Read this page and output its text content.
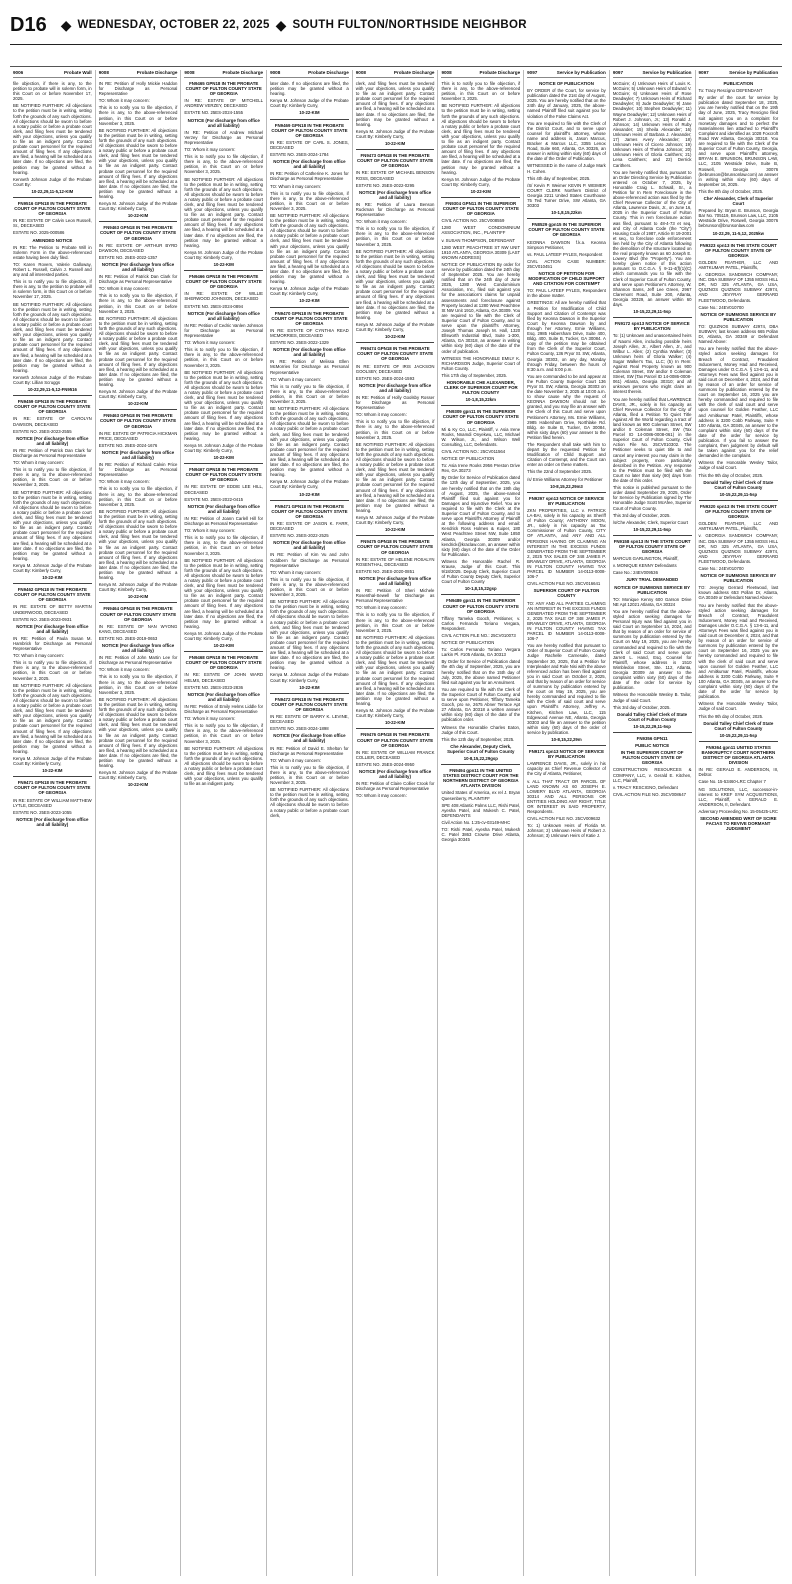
D16 ◆ WEDNESDAY, OCTOBER 22, 2025 ◆ SOUTH FULTON/NORTHSIDE NEIGHBOR
9006	Probate Wall

file objection, if there is any, to the petition to probate will in solemn form, in this Court on or before November 17, 2025.

BE NOTIFIED FURTHER: All objections to the petition must be in writing, setting forth the grounds of any such objections. All objections should be sworn to before a notary public or before a probate court clerk, and filing fees must be tendered with your objections, unless you qualify to file as an indigent party. Contact probate court personnel for the required amount of filing fees. If any objections are filed, a hearing will be scheduled at a later date. If no objections are filed, the petition may be granted without a hearing.

Kenneth Johnson Judge of the Probate Court By:

10-22,29,11-5,12-KIM

FN9516 GPN18 IN THE PROBATE COURT OF FULTON COUNTY STATE OF GEORGIA

IN RE: ESTATE OF Calvin Leon Russell, Sr., DECEASED

ESTATE NO. 2025-000586

AMENDED NOTICE

IN RE: The Petition to Probate Will in Solemn Form in the above-referenced estate having been duly filed.

TO: Karen Rovers, Valerie Galloway, Robert L. Russell, Calvin J. Russell and any and all interested parties.

This is to notify you to file objection, if there is any, to the petition to probate will in solemn form, in this Court on or before November 17, 2025.

BE NOTIFIED FURTHER: All objections to the petition must be in writing, setting forth the grounds of any such objections. All objections should be sworn to before a notary public or before a probate court clerk, and filing fees must be tendered with your objections, unless you qualify to file as an indigent party. Contact probate court personnel for the required amount of filing fees. If any objections are filed, a hearing will be scheduled at a later date. If no objections are filed, the petition may be granted without a hearing.

Kenneth Johnson Judge of the Probate Court By: Lillian Scruggs

10-22,29,11-5,12-FN9516

FN9459 GPN18 IN THE PROBATE COURT OF FULTON COUNTY STATE OF GEORGIA

IN RE: ESTATE OF CAROLYN DAWSON, DECEASED

ESTATE NO. 25ES-2023-2555

NOTICE (For discharge from office and all liability)

IN RE: Petition of Patrick Dan Clark for Discharge as Personal Representative

TO: Whom it may concern:

This is to notify you to file objection, if there is any, to the above-referenced petition, in this Court on or before November 3, 2025.

BE NOTIFIED FURTHER: All objections to the petition must be in writing, setting forth the grounds of any such objections. All objections should be sworn to before a notary public or before a probate court clerk, and filing fees must be tendered with your objections, unless you qualify to file as an indigent party. Contact probate court personnel for the required amount of filing fees. If any objections are filed, a hearing will be scheduled at a later date. If no objections are filed, the petition may be granted without a hearing.

Kenya M. Johnson Judge of the Probate Court By: Kimberly Curry,

10-22-KIM

FN9462 GPN18 IN THE PROBATE COURT OF FULTON COUNTY STATE OF GEORGIA

IN RE: ESTATE OF BETTY MARTIN UNDERWOOD, DECEASED

ESTATE NO. 25ES-2023-0931

NOTICE (For discharge from office and all liability)

IN RE: Petition of Paula Susan M. Hambrick for Discharge as Personal Representative

TO: Whom it may concern:

This is to notify you to file objection, if there is any, to the above-referenced petition, in this Court on or before November 3, 2025.

BE NOTIFIED FURTHER: All objections to the petition must be in writing, setting forth the grounds of any such objections. All objections should be sworn to before a notary public or before a probate court clerk, and filing fees must be tendered with your objections, unless you qualify to file as an indigent party. Contact probate court personnel for the required amount of filing fees. If any objections are filed, a hearing will be scheduled at a later date. If no objections are filed, the petition may be granted without a hearing.

Kenya M. Johnson Judge of the Probate Court By: Kimberly Curry,

10-22-KIM

FN9471 GPN18 IN THE PROBATE COURT OF FULTON COUNTY STATE OF GEORGIA

IN RE: ESTATE OF WILLIAM MATTHEW LYTLE, DECEASED

ESTATE NO. 25ES-2023-1055

NOTICE (For discharge from office and all liability)

9008	Probate Discharge

IN RE: Petition of Holly Mickie Haddon for Discharge as Personal Representative

TO: Whom it may concern:

This is to notify you to file objection, if there is any, to the above-referenced petition, in this Court on or before November 3, 2025.

BE NOTIFIED FURTHER: All objections to the petition must be in writing, setting forth the grounds of any such objections. All objections should be sworn to before a notary public or before a probate court clerk, and filing fees must be tendered with your objections, unless you qualify to file as an indigent party. Contact probate court personnel for the required amount of filing fees. If any objections are filed, a hearing will be scheduled at a later date. If no objections are filed, the petition may be granted without a hearing.

Kenya M. Johnson Judge of the Probate Court By: Kimberly Curry,

10-22-KIM

FN9463 GPN18 IN THE PROBATE COURT OF FULTON COUNTY STATE OF GEORGIA

IN RE: ESTATE OF ARTHUR BYRD DAWSON, DECEASED

ESTATE NO. 25ES-2022-1357

NOTICE (For discharge from office and all liability)

IN RE: Petition of Patrick Dan Clark for Discharge as Personal Representative

TO: Whom it may concern:

This is to notify you to file objection, if there is any, to the above-referenced petition, in this Court on or before November 3, 2025.

BE NOTIFIED FURTHER: All objections to the petition must be in writing, setting forth the grounds of any such objections. All objections should be sworn to before a notary public or before a probate court clerk, and filing fees must be tendered with your objections, unless you qualify to file as an indigent party. Contact probate court personnel for the required amount of filing fees. If any objections are filed, a hearing will be scheduled at a later date. If no objections are filed, the petition may be granted without a hearing.

Kenya M. Johnson Judge of the Probate Court By: Kimberly Curry,

10-22-KIM

FN9463 GPN18 IN THE PROBATE COURT OF FULTON COUNTY STATE OF GEORGIA

IN RE: ESTATE OF PATRICIA HICKMAN PRICE, DECEASED

ESTATE NO. 25ES-2024-1676

NOTICE (For discharge from office and all liability)

IN RE: Petition of Richard Calvin Price for Discharge as Personal Representative

TO: Whom it may concern:

This is to notify you to file objection, if there is any, to the above-referenced petition, in this Court on or before November 3, 2025.

BE NOTIFIED FURTHER: All objections to the petition must be in writing, setting forth the grounds of any such objections. All objections should be sworn to before a notary public or before a probate court clerk, and filing fees must be tendered with your objections, unless you qualify to file as an indigent party. Contact probate court personnel for the required amount of filing fees. If any objections are filed, a hearing will be scheduled at a later date. If no objections are filed, the petition may be granted without a hearing.

Kenya M. Johnson Judge of the Probate Court By: Kimberly Curry,

10-22-KIM

FN9464 GPN18 IN THE PROBATE COURT OF FULTON COUNTY STATE OF GEORGIA

IN RE: ESTATE OF NAN WYONG KANG, DECEASED

ESTATE NO. 25ES-2019-0653

NOTICE (For discharge from office and all liability)

IN RE: Petition of John Martin Lee for Discharge as Personal Representative

TO: Whom it may concern:

This is to notify you to file objection, if there is any, to the above-referenced petition, in this Court on or before November 3, 2025.

BE NOTIFIED FURTHER: All objections to the petition must be in writing, setting forth the grounds of any such objections. All objections should be sworn to before a notary public or before a probate court clerk, and filing fees must be tendered with your objections, unless you qualify to file as an indigent party. Contact probate court personnel for the required amount of filing fees. If any objections are filed, a hearing will be scheduled at a later date. If no objections are filed, the petition may be granted without a hearing.

Kenya M. Johnson Judge of the Probate Court By: Kimberly Curry,

10-22-KIM

9008	Probate Discharge

FN9465 GPN18 IN THE PROBATE COURT OF FULTON COUNTY STATE OF GEORGIA

IN RE: ESTATE OF MITCHELL ANDREW VERZEY, DECEASED

ESTATE NO. 25ES-2024-1555

NOTICE (For discharge from office and all liability)

IN RE: Petition of Andrew Michael Verzey for Discharge as Personal Representative

TO: Whom it may concern:

This is to notify you to file objection, if there is any, to the above-referenced petition, in this Court on or before November 3, 2025.

BE NOTIFIED FURTHER: All objections to the petition must be in writing, setting forth the grounds of any such objections. All objections should be sworn to before a notary public or before a probate court clerk, and filing fees must be tendered with your objections, unless you qualify to file as an indigent party. Contact probate court personnel for the required amount of filing fees. If any objections are filed, a hearing will be scheduled at a later date. If no objections are filed, the petition may be granted without a hearing.

Kenya M. Johnson Judge of the Probate Court By: Kimberly Curry,

10-22-KIM

FN9466 GPN18 IN THE PROBATE COURT OF FULTON COUNTY STATE OF GEORGIA

IN RE: ESTATE OF WILLIE SHERWOOD JOHNSON, DECEASED

ESTATE NO. 25ES-2024-0894

NOTICE (For discharge from office and all liability)

IN RE: Petition of Cedric Vanlen Johnson for Discharge as Personal Representative

TO: Whom it may concern:

This is to notify you to file objection, if there is any, to the above-referenced petition, in this Court on or before November 3, 2025.

BE NOTIFIED FURTHER: All objections to the petition must be in writing, setting forth the grounds of any such objections. All objections should be sworn to before a notary public or before a probate court clerk, and filing fees must be tendered with your objections, unless you qualify to file as an indigent party. Contact probate court personnel for the required amount of filing fees. If any objections are filed, a hearing will be scheduled at a later date. If no objections are filed, the petition may be granted without a hearing.

Kenya M. Johnson Judge of the Probate Court By: Kimberly Curry,

10-22-KIM

FN9467 GPN18 IN THE PROBATE COURT OF FULTON COUNTY STATE OF GEORGIA

IN RE: ESTATE OF EDDIE LEE HILL, DECEASED

ESTATE NO. 25ES-2022-0415

NOTICE (For discharge from office and all liability)

IN RE: Petition of Joann Carlell Hill for Discharge as Personal Representative

TO: Whom it may concern:

This is to notify you to file objection, if there is any, to the above-referenced petition, in this Court on or before November 3, 2025.

BE NOTIFIED FURTHER: All objections to the petition must be in writing, setting forth the grounds of any such objections. All objections should be sworn to before a notary public or before a probate court clerk, and filing fees must be tendered with your objections, unless you qualify to file as an indigent party. Contact probate court personnel for the required amount of filing fees. If any objections are filed, a hearing will be scheduled at a later date. If no objections are filed, the petition may be granted without a hearing.

Kenya M. Johnson Judge of the Probate Court By: Kimberly Curry,

10-22-KIM

FN9468 GPN18 IN THE PROBATE COURT OF FULTON COUNTY STATE OF GEORGIA

IN RE: ESTATE OF JOHN WARD HELMS, DECEASED

ESTATE NO. 25ES-2023-2836

NOTICE (For discharge from office and all liability)

IN RE: Petition of Emily Helms Liddle for Discharge as Personal Representative

TO: Whom it may concern:

This is to notify you to file objection, if there is any, to the above-referenced petition, in this Court on or before November 3, 2025.

BE NOTIFIED FURTHER: All objections to the petition must be in writing, setting forth the grounds of any such objections. All objections should be sworn to before a notary public or before a probate court clerk, and filing fees must be tendered with your objections, unless you qualify to file as an indigent party.

9008	Probate Discharge

later date. If no objections are filed, the petition may be granted without a hearing.

Kenya M. Johnson Judge of the Probate Court By: Kimberly Curry,

10-22-KIM

FN9469 GPN18 IN THE PROBATE COURT OF FULTON COUNTY STATE OF GEORGIA

IN RE: ESTATE OF CARL S. JONES, DECEASED

ESTATE NO. 25ES-2024-1784

NOTICE (For discharge from office and all liability)

IN RE: Petition of Catherine K. Jones for Discharge as Personal Representative

TO: Whom it may concern:

This is to notify you to file objection, if there is any, to the above-referenced petition, in this Court on or before November 3, 2025.

BE NOTIFIED FURTHER: All objections to the petition must be in writing, setting forth the grounds of any such objections. All objections should be sworn to before a notary public or before a probate court clerk, and filing fees must be tendered with your objections, unless you qualify to file as an indigent party. Contact probate court personnel for the required amount of filing fees. If any objections are filed, a hearing will be scheduled at a later date. If no objections are filed, the petition may be granted without a hearing.

Kenya M. Johnson Judge of the Probate Court By: Kimberly Curry,

10-22-KIM

FN9470 GPN18 IN THE PROBATE COURT OF FULTON COUNTY STATE OF GEORGIA

IN RE: ESTATE OF CYNTHIA READ MCMORRIES, DECEASED

ESTATE NO. 25ES-2022-1329

NOTICE (For discharge from office and all liability)

IN RE: Petition of Melissa Ellen McMorries for Discharge as Personal Representative

TO: Whom it may concern:

This is to notify you to file objection, if there is any, to the above-referenced petition, in this Court on or before November 3, 2025.

BE NOTIFIED FURTHER: All objections to the petition must be in writing, setting forth the grounds of any such objections. All objections should be sworn to before a notary public or before a probate court clerk, and filing fees must be tendered with your objections, unless you qualify to file as an indigent party. Contact probate court personnel for the required amount of filing fees. If any objections are filed, a hearing will be scheduled at a later date. If no objections are filed, the petition may be granted without a hearing.

Kenya M. Johnson Judge of the Probate Court By: Kimberly Curry,

10-22-KIM

FN9471 GPN18 IN THE PROBATE COURT OF FULTON COUNTY STATE OF GEORGIA

IN RE: ESTATE OF JASON K. FARR, DECEASED

ESTATE NO. 25ES-2022-2525

NOTICE (For discharge from office and all liability)

IN RE: Petition of Kim Vu and John Goldbern for Discharge as Personal Representative

TO: Whom it may concern:

This is to notify you to file objection, if there is any, to the above-referenced petition, in this Court on or before November 3, 2025.

BE NOTIFIED FURTHER: All objections to the petition must be in writing, setting forth the grounds of any such objections. All objections should be sworn to before a notary public or before a probate court clerk, and filing fees must be tendered with your objections, unless you qualify to file as an indigent party. Contact probate court personnel for the required amount of filing fees. If any objections are filed, a hearing will be scheduled at a later date. If no objections are filed, the petition may be granted without a hearing.

Kenya M. Johnson Judge of the Probate Court By: Kimberly Curry,

10-22-KIM

FN9472 GPN18 IN THE PROBATE COURT OF FULTON COUNTY STATE OF GEORGIA

IN RE: ESTATE OF BARRY K. LEVINE, DECEASED

ESTATE NO. 25ES-2024-1898

NOTICE (For discharge from office and all liability)

IN RE: Petition of David E. Shelton for Discharge as Personal Representative

TO: Whom it may concern:

This is to notify you to file objection, if there is any, to the above-referenced petition, in this Court on or before November 3, 2025.

BE NOTIFIED FURTHER: All objections to the petition must be in writing, setting forth the grounds of any such objections. All objections should be sworn to before a notary public or before a probate court clerk,

9008	Probate Discharge

clerk, and filing fees must be tendered with your objections, unless you qualify to file as an indigent party. Contact probate court personnel for the required amount of filing fees. If any objections are filed, a hearing will be scheduled at a later date. If no objections are filed, the petition may be granted without a hearing.

Kenya M. Johnson Judge of the Probate Court By: Kimberly Curry,

10-22-KIM

FN9473 GPN18 IN THE PROBATE COURT OF FULTON COUNTY STATE OF GEORGIA

IN RE: ESTATE OF MICHAEL BENSON ROSS, DECEASED

ESTATE NO. 25ES-2022-0295

NOTICE (For discharge from office and all liability)

IN RE: Petition of Laura Benson Ruckman for Discharge as Personal Representative

TO: Whom it may concern:

This is to notify you to file objection, if there is any, to the above-referenced petition, in this Court on or before November 3, 2025.

BE NOTIFIED FURTHER: All objections to the petition must be in writing, setting forth the grounds of any such objections. All objections should be sworn to before a notary public or before a probate court clerk, and filing fees must be tendered with your objections, unless you qualify to file as an indigent party. Contact probate court personnel for the required amount of filing fees. If any objections are filed, a hearing will be scheduled at a later date. If no objections are filed, the petition may be granted without a hearing.

Kenya M. Johnson Judge of the Probate Court By: Kimberly Curry,

10-22-KIM

FN9474 GPN18 IN THE PROBATE COURT OF FULTON COUNTY STATE OF GEORGIA

IN RE: ESTATE OF IRIS JACKSON GOOLSBY, DECEASED

ESTATE NO. 25ES-2024-1593

NOTICE (For discharge from office and all liability)

IN RE: Petition of Holly Goolsby Rosser for Discharge as Personal Representative

TO: Whom it may concern:

This is to notify you to file objection, if there is any, to the above-referenced petition, in this Court on or before November 3, 2025.

BE NOTIFIED FURTHER: All objections to the petition must be in writing, setting forth the grounds of any such objections. All objections should be sworn to before a notary public or before a probate court clerk, and filing fees must be tendered with your objections, unless you qualify to file as an indigent party. Contact probate court personnel for the required amount of filing fees. If any objections are filed, a hearing will be scheduled at a later date. If no objections are filed, the petition may be granted without a hearing.

Kenya M. Johnson Judge of the Probate Court By: Kimberly Curry,

10-22-KIM

FN9475 GPN18 IN THE PROBATE COURT OF FULTON COUNTY STATE OF GEORGIA

IN RE: ESTATE OF HELENE ROSALYN ROSENTHAL, DECEASED

ESTATE NO. 25ES-2020-0851

NOTICE (For discharge from office and all liability)

IN RE: Petition of Sheri Michele Rosenthal-Sewell for Discharge as Personal Representative

TO: Whom it may concern:

This is to notify you to file objection, if there is any, to the above-referenced petition, in this Court on or before November 3, 2025.

BE NOTIFIED FURTHER: All objections to the petition must be in writing, setting forth the grounds of any such objections. All objections should be sworn to before a notary public or before a probate court clerk, and filing fees must be tendered with your objections, unless you qualify to file as an indigent party. Contact probate court personnel for the required amount of filing fees. If any objections are filed, a hearing will be scheduled at a later date. If no objections are filed, the petition may be granted without a hearing.

Kenya M. Johnson Judge of the Probate Court By: Kimberly Curry,

10-22-KIM

FN9476 GPN18 IN THE PROBATE COURT OF FULTON COUNTY STATE OF GEORGIA

IN RE: ESTATE OF WILLIAM FRANCK COLLIER, DECEASED

ESTATE NO. 25ES-2024-0950

NOTICE (For discharge from office and all liability)

IN RE: Petition of Claire Collier Crook for Discharge as Personal Representative

TO: Whom it may concern:

9008	Probate Discharge

This is to notify you to file objection, if there is any, to the above-referenced petition, in this Court on or before November 3, 2025.

BE NOTIFIED FURTHER: All objections to the petition must be in writing, setting forth the grounds of any such objections. All objections should be sworn to before a notary public or before a probate court clerk, and filing fees must be tendered with your objections, unless you qualify to file as an indigent party. Contact probate court personnel for the required amount of filing fees. If any objections are filed, a hearing will be scheduled at a later date. If no objections are filed, the petition may be granted without a hearing.

Kenya M. Johnson Judge of the Probate Court By: Kimberly Curry,

10-22-KIM

FN9304 GPN11 IN THE SUPERIOR COURT OF FULTON COUNTY STATE OF GEORGIA

CIVIL ACTION NO. 25CV008559

1280 WEST CONDOMINIUM ASSOCIATION, INC., PLAINTIFF

v. SUSAN THOMPSON, DEFENDANT

1280 WEST PEACHTREE ST NW UNIT 1910 ATLANTA, GEORGIA 30309 (LAST KNOWN ADDRESS)

NOTICE OF PUBLICATION By order for service by publication dated the 24th day of September 2025. You are hereby notified that on the 24th day of June 2025, 1280 West Condominium Association, Inc., filed suit against you for the association's claims for unpaid assessments and foreclosure against Property located at 1280 West Peachtree St NW Unit 1910, Atlanta, GA 30309. You are required to file with the Clerk of Superior Court of Fulton County, and to serve upon the plaintiff's Attorney, Joseph Thomas Joseph M. Hall, 1320 Ellsworth Industrial Blvd, Suite 1-300, Atlanta, GA 30318, an answer in writing within sixty (60) days of the date of the order of publication.

WITNESS THE HONORABLE EMILY K. RICHARDSON Judge, Superior Court of Fulton County.

This 17th day of September, 2025.

HONORABLE CHE ALEXANDER, CLERK OF SUPERIOR COURT FOR FULTON COUNTY

10-1,8,15,22km

FN9309 gpn11 IN THE SUPERIOR COURT OF FULTON COUNTY STATE OF GEORGIA

Mi & Ky Co, LLC, Plaintiff, v. Asia Irene Rooks, Nnamdi Onyekwu, LLC, Michael W. Wilson, Jr., and Wilson Well Consulting, LLC, Defendants.

CIVIL ACTION NO.: 25CV011564

NOTICE OF PUBLICATION

To: Asia Irene Rooks 2956 Preston Drive Rex, GA 30273

By Order for Service of Publication dated the 12th day of September, 2025, you are hereby notified that on the 19th day of August, 2025, the above-named Plaintiff filed suit against you for Damages and Injunctive Relief. You are required to file with the Clerk at the Superior Court of Fulton County, and to serve upon Plaintiff's Attorney of Plaintiff at the following address and email: Kendrick Ross Holmes & Kuiper, 180 West Peachtree Street NW, Suite 1850 Atlanta, Georgia 30309 and/or kendrick@kraclaw.com, an answer within sixty (60) days of the date of the Order for Publication.

Witness the Honorable Rachel R. Krause, Judge of this Court. This 9/18/2025. Deputy Clerk, Superior Court of Fulton County Deputy Clerk, Superior Court of Fulton County

10-1,8,15,22gsp

FN9489 gpn11 IN THE SUPERIOR COURT OF FULTON COUNTY STATE OF GEORGIA

Tiffany Tameka Gooch, Petitioner, v. Carlos Fernando Toriano Vergara, Respondent.

CIVIL ACTION FILE NO.: 25CV010073

NOTICE OF PUBLICATION

To: Carlos Fernando Toriano Vergara Larkin Pl. #105 Atlanta, GA 30313

By Order for Service of Publication dated the 4th day of September, 2025, you are hereby notified that on the 15th day of July, 2025, the above named Petitioner filed suit against you for an Annulment.

You are required to file with the Clerk of the Superior Court of Fulton County, and to serve upon Petitioner, Tiffany Tameka Gooch, pro se, 2675 Abner Terrace Apt 27 Atlanta, GA 30318 a written answer within sixty (60) days of the date of the publication order.

Witness the Honorable Charles Eaton, Judge of this Court.

This the 12th day of September, 2025.

Che Alexander, Deputy Clerk, Superior Court of Fulton County

10-8,15,22,29gsp

FN9494 gpn11 IN THE UNITED STATES DISTRICT COURT FOR THE NORTHERN DISTRICT OF GEORGIA ATLANTA DIVISION

United States of America, ex rel J. Bryan Quesenberry, PLAINTIFF

SPE 408 Atlantic Palms LLC, Rishi Patel, Ayesha Patel, and Mukesh C. Patel, DEFENDANTS

Civil Action No. 1:25-cv-03149-MHC

TO: Rishi Patel, Ayesha Patel, Mukesh C. Patel 3863 Crowne Drive Atlanta, Georgia 30345

9097	Service by Publication

NOTICE OF PUBLICATION

BY ORDER of the Court, for service by publication dated the 21st day of August, 2025. You are hereby notified that on the 24th day of January, 2025, the above-named Plaintiff filed suit against you for violation of the False Claims Act.

You are required to file with the Clerk of the District Court, and to serve upon counsel for plaintiff's attorney, whose name and address is, Jason Marcus, Bracker & Marcus LLC, 3355 Lenox Road, Suite 660, Atlanta, GA 30326, an answer in writing within sixty (60) days of the date of the Order of Publication.

WITNESSED in the name of Judge Mark H. Cohen.

This 4th day of September, 2025.

/S/ Kevin P. Weimer KEVIN P. WEIMER COURT CLERK Northern District of Georgia 2211 United States Courthouse 75 Ted Turner Drive, SW Atlanta, GA 30303

10-1,8,15,22km

FN8529 gpn15 IN THE SUPERIOR COURT OF FULTON COUNTY STATE OF GEORGIA

KEONNA DAWSON f.k.a. Keonna Simpson Petitioner,

vs. PAUL LATEEF PYLES, Respondent

CIVIL ACTION CASE NUMBER: 25CV010451

NOTICE OF PETITION FOR MODIFICATION OF CHILD SUPPORT AND CITATION FOR CONTEMPT

TO: PAUL LATEEF PYLES, Respondent in the above matter.

GREETINGS: All are hereby notified that a Petition for Modification of Child Support and Citation of Contempt was filed by Keonna Dawson in the Superior Court by Keonna Dawson by and through her Attorney, Ernie Williams, Esq. 2985 Habersham Drive, Suite 400, Bldg. 400, Suite B, Tucker, GA 30084. A copy of the petition may be obtained from the Clerk of the Superior Court, Fulton County, 136 Pryor St. SW, Atlanta, Georgia 30303, on any day, Monday through Friday, between the hours of 8:30 a.m. and 5:00 p.m.

You are commanded to be and appear at the Fulton County Superior Court 136 Pryor St. SW, Atlanta, Georgia 30303 on the date November 3, 2025 at 10:00 a.m. to show cause why the request of KEONNA DAWSON should not be granted, and you may file an answer with the Clerk of this Court and serve upon Petitioner's Attorney, Ms. Ernie Williams, 2985 Habersham Drive, Northlake Rd. Bldg. 4e Suite B, Tucker, GA 30084, within sixty days (60) your answer to the Petition filed herein.

The Respondent shall take with him to depart by the requested Petition for Modification of Child Support and Citation of Contempt, and the Court can enter an order on these matters.

This the 22nd of September 2025.

/s/ Ernie Williams Attorney for Petitioner

10-8,15,22,29m3

FN9297 spn13 NOTICE OF SERVICE BY PUBLICATION

ZKN PROPERTIES, LLC v. PATRICK LA-BAI, solely in his capacity as Sheriff of Fulton County; ANTHONY MOON, JR., solely in his capacity as Tax Commissioner of Fulton County, CITY OF ATLANTA, and ANY AND ALL PERSONS HAVING OR CLAIMING AN INTEREST IN THE EXCESS FUNDS GENERATED FROM THE SEPTEMBER 2, 2025 TAX SALES OF 348 JAMES P. BRAWLEY DRIVE, ATLANTA, GEORGIA IN FULTON COUNTY HAVING TAX PARCEL ID NUMBER 14-0113-0008-106-7

CIVIL ACTION FILE NO. 25CV016641

SUPERIOR COURT OF FULTON COUNTY

TO: ANY AND ALL PARTIES CLAIMING AN INTEREST IN THE EXCESS FUNDS GENERATED FROM THE SEPTEMBER 2, 2025 TAX SALE OF 348 JAMES P. BRAWLEY DRIVE, ATLANTA, GEORGIA IN FULTON COUNTY HAVING TAX PARCEL ID NUMBER 14-0113-0008-106-7

You are hereby notified that pursuant to Order of Superior Court of Fulton County Judge Rachelle Carnesale, dated September 30, 2025, that a Petition for Interpleader and Rule Nisi with the above referenced action has been filed against you in said Court on October 2, 2025, and that by reason of an order for service of summons by publication entered by the court on May 19, 2025, you are hereby commanded and required to file with the Clerk of said court and serve upon Plaintiff's Attorney, Jeffrey A. Kitchen, Kitchen Law, LLC, 115 Edgewood Avenue NE, Atlanta, Georgia 30303 and file an answer to the petition within sixty (60) days of the order of service by publication.

10-8,15,22,29m

FN9171 spn13 NOTICE OF SERVICE BY PUBLICATION

LAWRENCE DAVIS, JR., solely in his capacity as Chief Revenue Collector of the City of Atlanta, Petitioner,

v. ALL THAT TRACT OR PARCEL OF LAND KNOWN AS 60 JOSEPH E. LOWERY BLVD ATLANTA, GEORGIA 30314 AND ALL PERSONS OR ENTITIES HOLDING ANY RIGHT, TITLE OR INTEREST IN SAID PROPERTY, Respondents.

CIVIL ACTION FILE NO. 25CV009632

To: 1) Unknown Heirs of Florida M. Johnson; 2) Unknown Heirs of Robert J. Johnson; 3) Unknown Heirs of Katie J.

9097	Service by Publication

McGuire; 4) Unknown Heirs of Louis K. McGuire; 5) Unknown Heirs of Edward V. McGuire; 6) Unknown Heirs of Rose Deadwyler; 7) Unknown Heirs of Richard Deadwyler; 8) Jude Deadwyler; 9) Jane Deadwyler; 10) Stephen Deadwyler; 11) Wayne Deadwyler; 12) Unknown Heirs of Robert J. Johnson, Jr.; 13) Ronald J. Johnson; 14) Unknown Heirs of Ruby Alexander; 15) Sheila Alexander; 16) Unknown Heirs of Barbara J. Alexander; 17) James Avery Alexander; 18) Unknown Heirs of Cicero Johnson; 19) Unknown Heirs of Thelma Johnson; 20) Unknown Heirs of Gloria Carithers; 21) Lena Carithers; and 22) Derrick Carithers.

You are hereby notified that, pursuant to an Order Directing Service by Publication entered on October 7, 2025, by Honorable Craig L. Schwall, Sr., a Petition for In Rem Foreclosure in the above-referenced action was filed by the Chief Revenue Collector of the City of Atlanta, Lawrence Davis, Jr., on June 16, 2025 in the Superior Court of Fulton County. This in rem foreclosure action was filed, pursuant to 48-4-73 et seq. and City of Atlanta Code (the "City") Housing Code of 1987, Article III 19-2001 et seq., to foreclose code enforcement lien held by the City of Atlanta following the demolition of the structure located on the real property known as 60 Joseph E. Lowery Blvd (the "Property"). You are hereby given notice of this action pursuant to O.C.G.A. § 9-11-4(f)(1)(C) which commands you to file with the Clerk of Superior Court of Fulton County, and serve upon Petitioner's Attorney, W. Shannon Sams, Jeff Lee Green, 2967 Claremont Road, Suite 200, Atlanta, Georgia 30329, an answer within 60 days.

10-15,22,29,11-5sp

FN9172 spn13 NOTICE OF SERVICE BY PUBLICATION

To: (1) Unknown and unascertained heirs of Naomi Allen, including possible heirs Joseph Allen, Jr., Albert Allen, Jr., and Wilbur L. Allen; (2) Cynthia Walker; (3) Unknown heirs of Gloria Walker; (4) Sugar Walker's Tax, LLC; (5) In Rem: Against Real Property known as 900 Coleman Street, SW and/or 0 Coleman Street, SW (Tax Parcel ID 14-0086-0008-061) Atlanta, Georgia 30310; and all unknown persons who might claim an interest therein.

You are hereby notified that LAWRENCE DAVIS, JR., solely in his capacity as Chief Revenue Collector for the City of Atlanta, filed a Petition To Quiet Title Against All the World regarding a tract of land known as 900 Coleman Street, SW and/or 0 Coleman Street, SW (Tax Parcel ID 14-0086-0008-061) in the Superior Court of Fulton County, Civil Action File No. 25CV010302. The Petitioner seeks to quiet title to and cancel any interest you may claim in the subject property, more particularly described in the Petition. Any response to the Petition must be filed with the Court no later than sixty (60) days from the date of this order.

This notice is published pursuant to the order dated September 29, 2025, Order for Service by Publication signed by The Honorable Judge Scott McAfee, Superior Court of Fulton County.

This 3rd day of October, 2025.

/s/Che Alexander, Clerk, Superior Court

10-15,22,29,11-5sp

FN9158 spn13 IN THE STATE COURT OF FULTON COUNTY STATE OF GEORGIA

MARCUS GARLINGTON, Plaintiff,

v. MONIQUE KENNY Defendants

Case No.: 24EV009536

JURY TRIAL DEMANDED

NOTICE OF SUMMONS SERVICE BY PUBLICATION

TO: Monique Kenny 600 Garson Drive NE Apt 12021 Atlanta, GA 30324

You are hereby notified that the above-styled action seeking damages for Personal Injury was filed against you in said Court on September 14, 2024, and that by reason of an order for service of summons by publication entered by the Court on May 19, 2025, you are hereby commanded and required to file with the Clerk of said Court and serve upon Jarrett L. Hand, Esq. Counsel for Plaintiff, whose address is 1510 Wimbledon Street, Ste. 112, Atlanta, Georgia 30309 an answer to the complaint within sixty (60) days of the date of the order for service by publication.

Witness the Honorable Wesley B. Tailor, Judge of said Court.

This 3rd day of October, 2025.

Donald Talley Chief Clerk of State Court of Fulton County

10-15,22,29,11-5sp

FN9356 GPN11

PUBLIC NOTICE

IN THE SUPERIOR COURT OF FULTON COUNTY STATE OF GEORGIA

CONSTRUCTION RESOURCES & COMPANY, LLC, v. Gerald E. Kitchen, LLC, Plaintiff,

v. TRACY RESCIGNO, Defendant

CIVIL ACTION FILE NO. 25CV008647

9097	Service by Publication

PUBLICATION

To: Tracy Rescigno DEFENDANT

By order of the court for service by publication dated September 18, 2025, you are hereby notified that on the 19th day of June, 2025, Tracy Rescigno filed suit against you on a complaint for monetary damages and to perfect the materialmens lien attached to Plaintiff's Complaint and identified as 1028 Foxcroft Road NW Atlanta, Georgia 30318. You are required to file with the Clerk of the Superior Court of Fulton County, Georgia, and serve upon Plaintiff's attorney, BRYAN E. BRUNSON, BRUNSON LAW, LLC, 2105 Westside Drive, Suite B, Roswell, Georgia 30076 (bebrunson@brunsonlaw.com) an answer in writing within sixty (60) days of September 16, 2025.

This the 8th day of October, 2025.

Che' Alexander, Clerk of Superior Court

Prepared by: Bryan E. Brunson, Georgia Bar No. 705119, Brunson Law, LLC, 2105 Westside Drive, Roswell, Georgia 30076 bebrunson@brunsonlaw.com

10-22,29, 11-5,12, 2025kw

FN9323 spn13 IN THE STATE COURT OF FULTON COUNTY STATE OF GEORGIA

GOLDEN FEATHER, LLC AND AMITKUMAR PATEL, Plaintiffs,

v. GEORGIA SANDWICH COMPANY, INC. DBA SUBWAY OF 1355 MOSS HILL DR, NO 325 ATLANTA, GA USA, QUIZNOS QUIZNOS SUBWAY 42974, AND JEVYRAY GERRARD FLEETWOOD, Defendants.

Case No.: 24EV010700

NOTICE OF SUMMONS SERVICE BY PUBLICATION

TO: QUIZNOS SUBWAY 42974, DBA SUBWAY, last known address 665 Pollan Dr, Atlanta, GA 30349 or Defendant Named Above:

You are hereby notified that the above-styled action seeking damages for Breach of Contract, Fraudulent Inducement, Money Had and Received, Damages under O.C.G.A. § 13-6-11, and Attorneys Fees was filed against you in said court on December 4, 2024, and that by reason of an order for service of summons by publication entered by the court on September 16, 2025 you are hereby commanded and required to file with the clerk of said court and serve upon counsel for Golden Feather, LLC and Amitkumar Patel, Plaintiffs, whose address is 3200 Cobb Parkway, Suite # 100 Atlanta, GA 30345, an answer to the complaint within sixty (60) days of the date of the order for service by publication. If you fail to answer the complaint, then judgment by default will be taken against you for the relief demanded in the complaint.

Witness the Honorable Wesley Tailor, Judge of said Court.

This the 9th day of October, 2025.

Donald Talley Chief Clerk of State Court of Fulton County

10-15,22,29,11-5sp

FN9320 spn13 IN THE STATE COURT OF FULTON COUNTY STATE OF GEORGIA

GOLDEN FEATHER, LLC AND AMITKUMAR PATEL, Plaintiffs,

v. GEORGIA SANDWICH COMPANY, INC. DBA SUBWAY OF 1355 MOSS HILL DR, NO 325 ATLANTA, GA USA, QUIZNOS QUIZNOS SUBWAY 42974, AND JEVYRAY GERRARD FLEETWOOD, Defendants.

Case No.: 24EV010700

NOTICE OF SUMMONS SERVICE BY PUBLICATION

TO: Jevyray Gerrard Fleetwood, last known address 653 Pollan Dr, Atlanta, GA 30349 or Defendant Named Above:

You are hereby notified that the above-styled action seeking damages for Breach of Contract, Fraudulent Inducement, Money Had and Received, Damages under O.C.G.A. § 13-6-11, and Attorneys Fees was filed against you in said court on December 4, 2024, and that by reason of an order for service of summons by publication entered by the court on September 16, 2025 you are hereby commanded and required to file with the clerk of said court and serve upon counsel for Golden Feather, LLC and Amitkumar Patel, Plaintiffs, whose address is 3200 Cobb Parkway, Suite # 100 Atlanta, GA 30345, an answer to the complaint within sixty (60) days of the date of the order for service by publication.

Witness the Honorable Wesley Tailor, Judge of said Court.

This the 9th day of October, 2025.

Donald Talley Chief Clerk of State Court of Fulton County

10-15,22,29,11-5sp

FN9364 gpn11 UNITED STATES BANKRUPTCY COURT NORTHERN DISTRICT OF GEORGIA ATLANTA DIVISION

IN RE: GERALD E. ANDERSON, III, Debtor.

Case No. 15-53460-LRC Chapter 7

NG SOLUTIONS, LLC, successor-in-interest to KREF SYM ACQUISITIONS, LLC, Plaintiff, v. GERALD E. ANDERSON, II, Defendant.

Adversary Proceeding No. 15-05425-LRC

SECOND AMENDED WRIT OF SCIRE FACIAS TO REVIVE DORMANT JUDGMENT
